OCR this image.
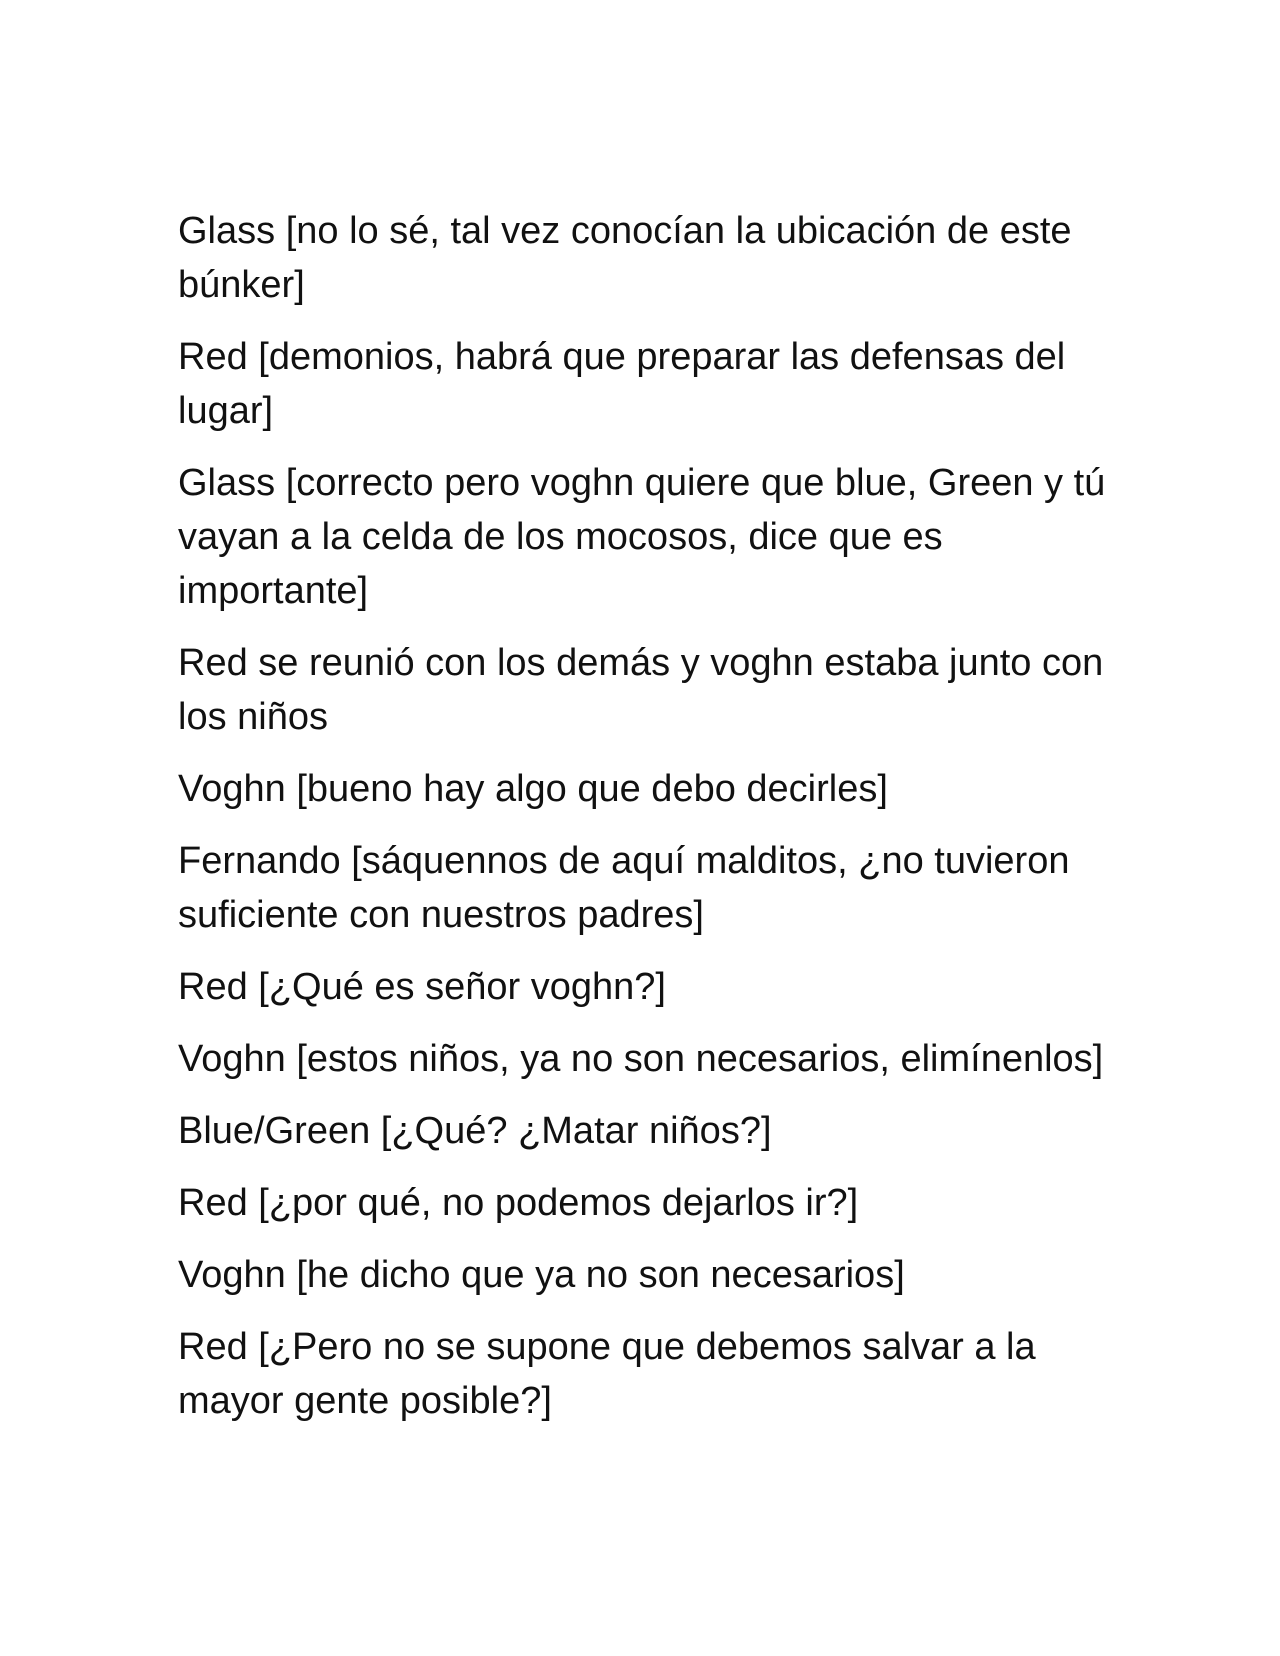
Glass [no lo sé, tal vez conocían la ubicación de este búnker]

Red [demonios, habrá que preparar las defensas del lugar]

Glass [correcto pero voghn quiere que blue, Green y tú vayan a la celda de los mocosos, dice que es importante]

Red se reunió con los demás y voghn estaba junto con los niños

Voghn [bueno hay algo que debo decirles]

Fernando [sáquennos de aquí malditos, ¿no tuvieron suficiente con nuestros padres]

Red [¿Qué es señor voghn?]

Voghn [estos niños, ya no son necesarios, elimínenlos]

Blue/Green [¿Qué? ¿Matar niños?]

Red [¿por qué, no podemos dejarlos ir?]

Voghn [he dicho que ya no son necesarios]

Red [¿Pero no se supone que debemos salvar a la mayor gente posible?]
